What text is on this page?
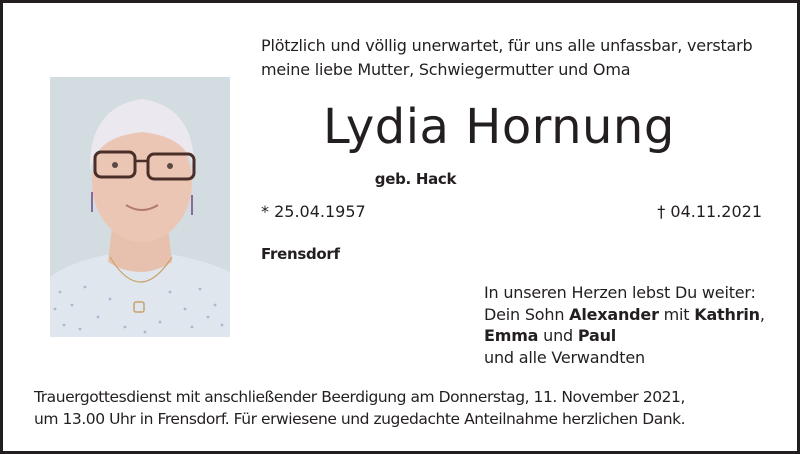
Plötzlich und völlig unerwartet, für uns alle unfassbar, verstarb
meine liebe Mutter, Schwiegermutter und Oma
Lydia Hornung
geb. Hack
* 25.04.1957	† 04.11.2021
Frensdorf
In unseren Herzen lebst Du weiter:
Dein Sohn Alexander mit Kathrin,
Emma und Paul
und alle Verwandten
Trauergottesdienst mit anschließender Beerdigung am Donnerstag, 11. November 2021,
um 13.00 Uhr in Frensdorf. Für erwiesene und zugedachte Anteilnahme herzlichen Dank.
